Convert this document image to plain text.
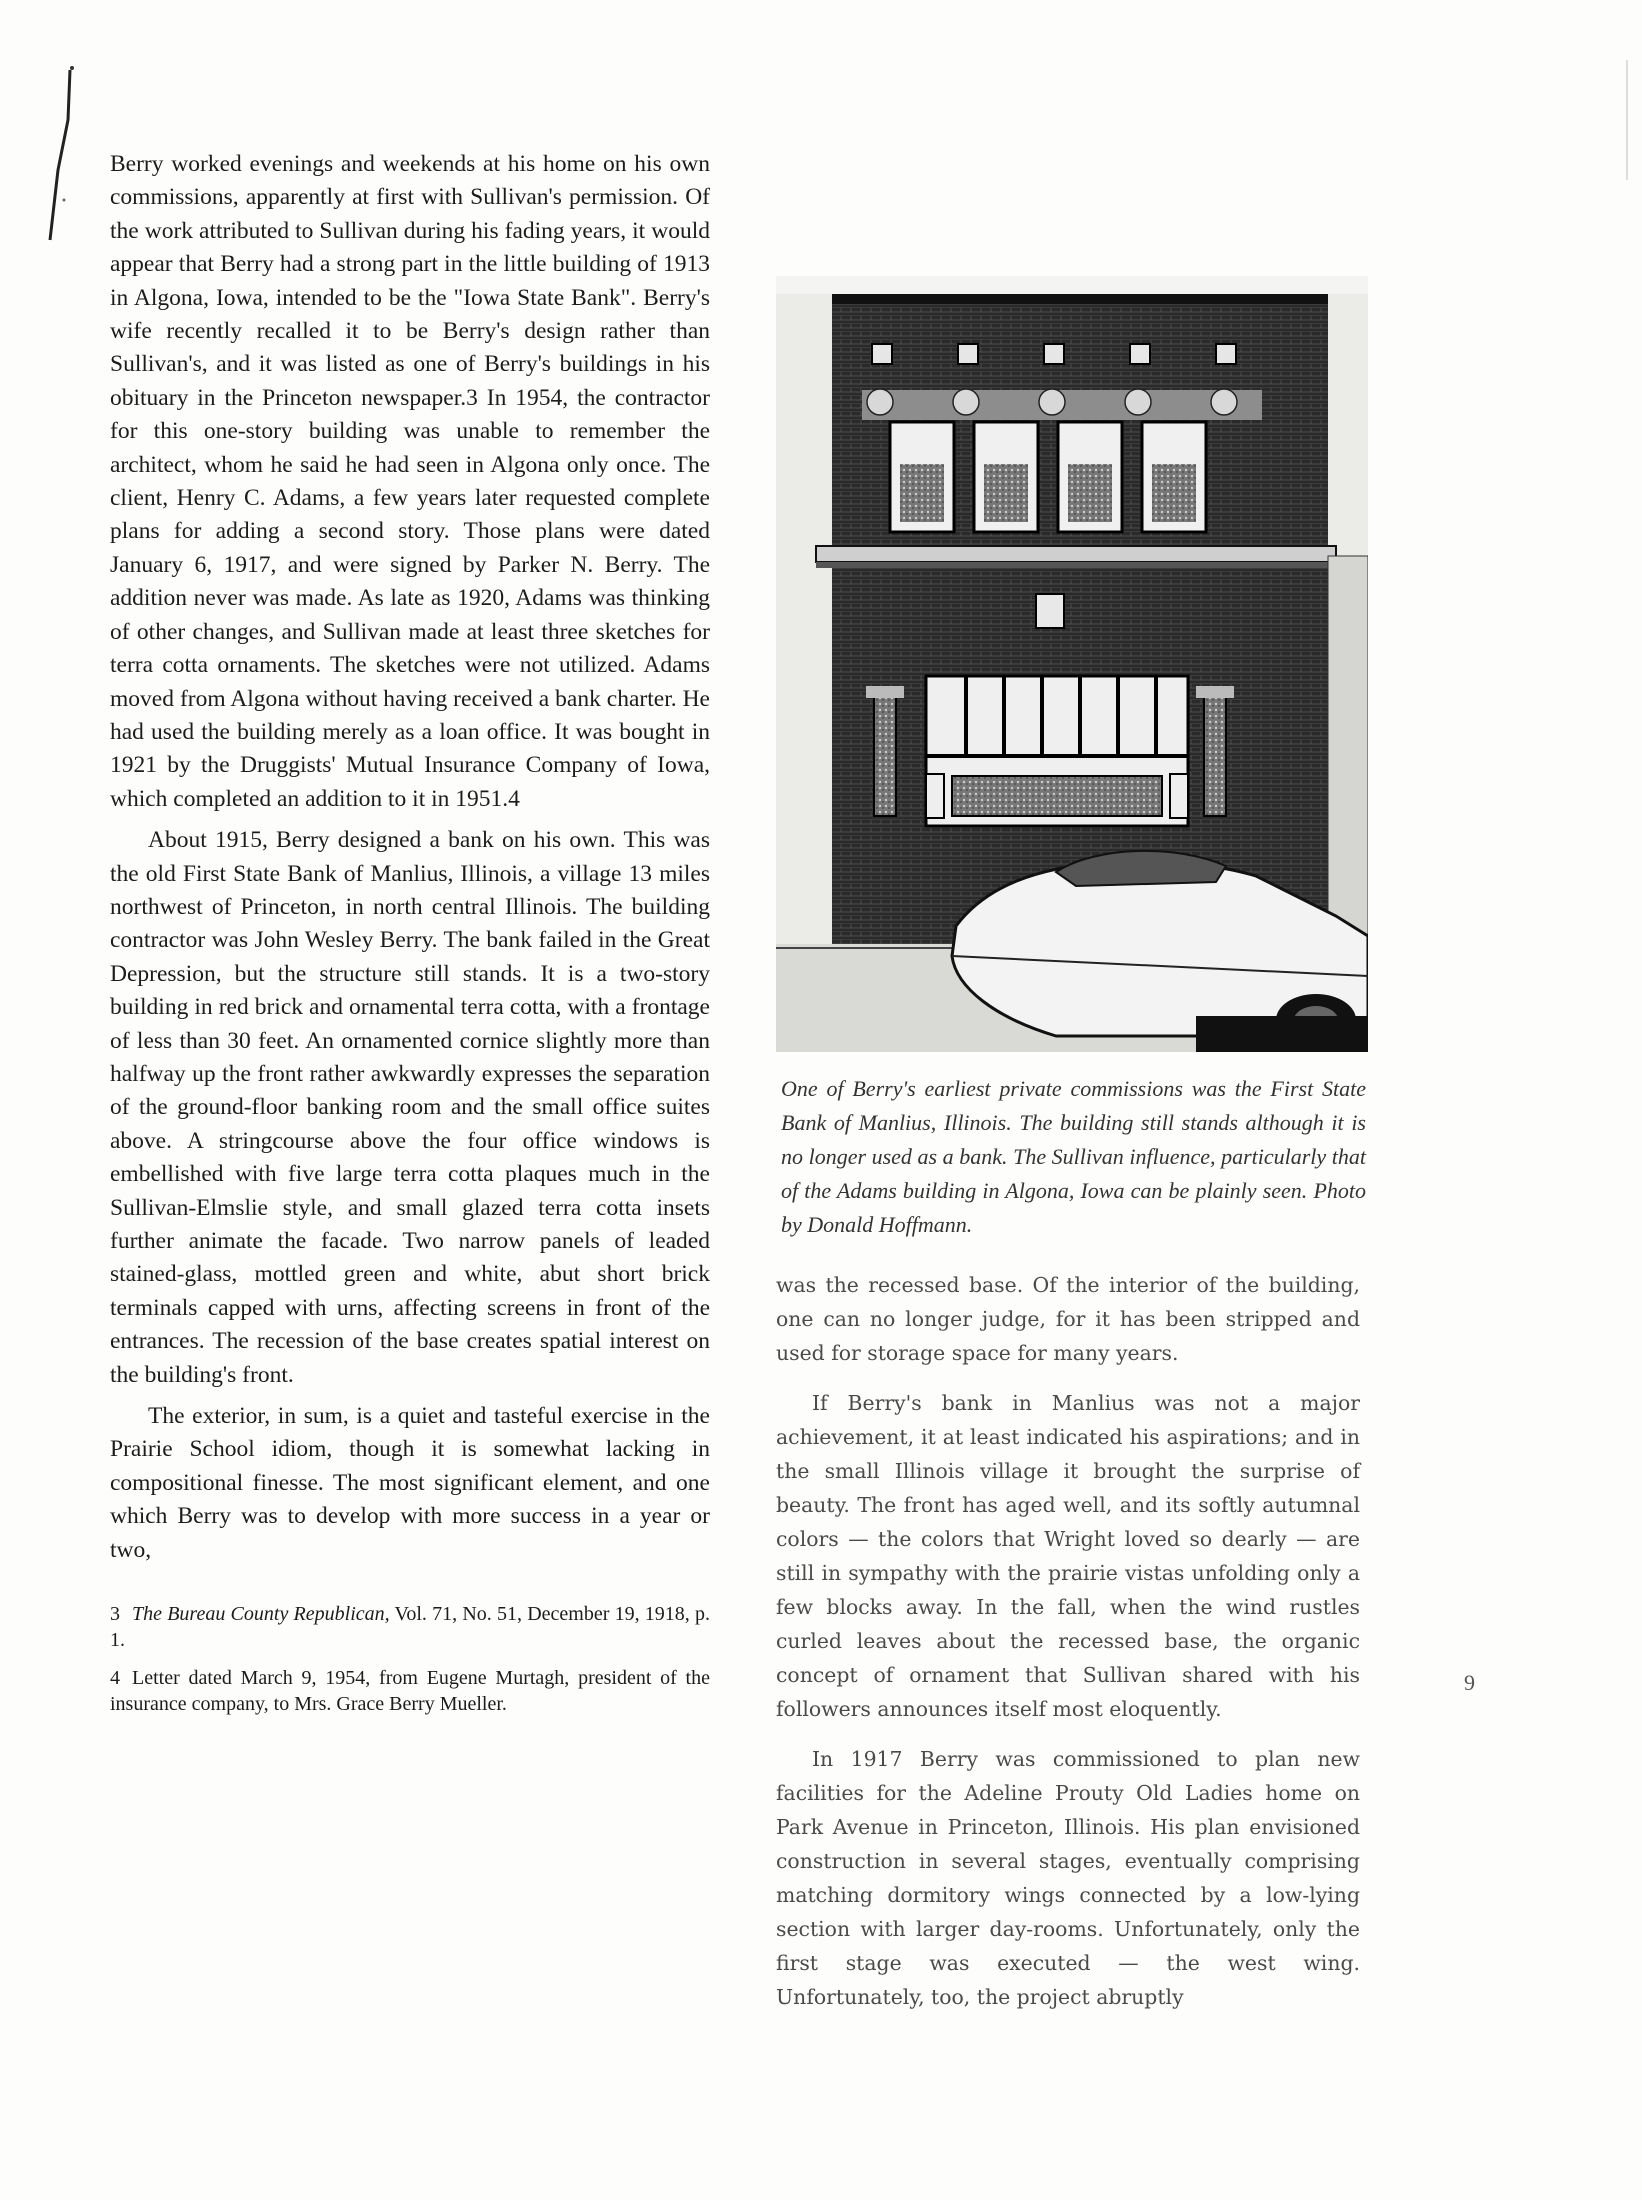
Berry worked evenings and weekends at his home on his own commissions, apparently at first with Sullivan's permission. Of the work attributed to Sullivan during his fading years, it would appear that Berry had a strong part in the little building of 1913 in Algona, Iowa, intended to be the "Iowa State Bank". Berry's wife recently recalled it to be Berry's design rather than Sullivan's, and it was listed as one of Berry's buildings in his obituary in the Princeton newspaper.3 In 1954, the contractor for this one-story building was unable to remember the architect, whom he said he had seen in Algona only once. The client, Henry C. Adams, a few years later requested complete plans for adding a second story. Those plans were dated January 6, 1917, and were signed by Parker N. Berry. The addition never was made. As late as 1920, Adams was thinking of other changes, and Sullivan made at least three sketches for terra cotta ornaments. The sketches were not utilized. Adams moved from Algona without having received a bank charter. He had used the building merely as a loan office. It was bought in 1921 by the Druggists' Mutual Insurance Company of Iowa, which completed an addition to it in 1951.4

About 1915, Berry designed a bank on his own. This was the old First State Bank of Manlius, Illinois, a village 13 miles northwest of Princeton, in north central Illinois. The building contractor was John Wesley Berry. The bank failed in the Great Depression, but the structure still stands. It is a two-story building in red brick and ornamental terra cotta, with a frontage of less than 30 feet. An ornamented cornice slightly more than halfway up the front rather awkwardly expresses the separation of the ground-floor banking room and the small office suites above. A stringcourse above the four office windows is embellished with five large terra cotta plaques much in the Sullivan-Elmslie style, and small glazed terra cotta insets further animate the facade. Two narrow panels of leaded stained-glass, mottled green and white, abut short brick terminals capped with urns, affecting screens in front of the entrances. The recession of the base creates spatial interest on the building's front.

The exterior, in sum, is a quiet and tasteful exercise in the Prairie School idiom, though it is somewhat lacking in compositional finesse. The most significant element, and one which Berry was to develop with more success in a year or two,

3 The Bureau County Republican, Vol. 71, No. 51, December 19, 1918, p. 1.

4 Letter dated March 9, 1954, from Eugene Murtagh, president of the insurance company, to Mrs. Grace Berry Mueller.

One of Berry's earliest private commissions was the First State Bank of Manlius, Illinois. The building still stands although it is no longer used as a bank. The Sullivan influence, particularly that of the Adams building in Algona, Iowa can be plainly seen. Photo by Donald Hoffmann.

was the recessed base. Of the interior of the building, one can no longer judge, for it has been stripped and used for storage space for many years.

If Berry's bank in Manlius was not a major achievement, it at least indicated his aspirations; and in the small Illinois village it brought the surprise of beauty. The front has aged well, and its softly autumnal colors — the colors that Wright loved so dearly — are still in sympathy with the prairie vistas unfolding only a few blocks away. In the fall, when the wind rustles curled leaves about the recessed base, the organic concept of ornament that Sullivan shared with his followers announces itself most eloquently.

In 1917 Berry was commissioned to plan new facilities for the Adeline Prouty Old Ladies home on Park Avenue in Princeton, Illinois. His plan envisioned construction in several stages, eventually comprising matching dormitory wings connected by a low-lying section with larger day-rooms. Unfortunately, only the first stage was executed — the west wing. Unfortunately, too, the project abruptly

9
